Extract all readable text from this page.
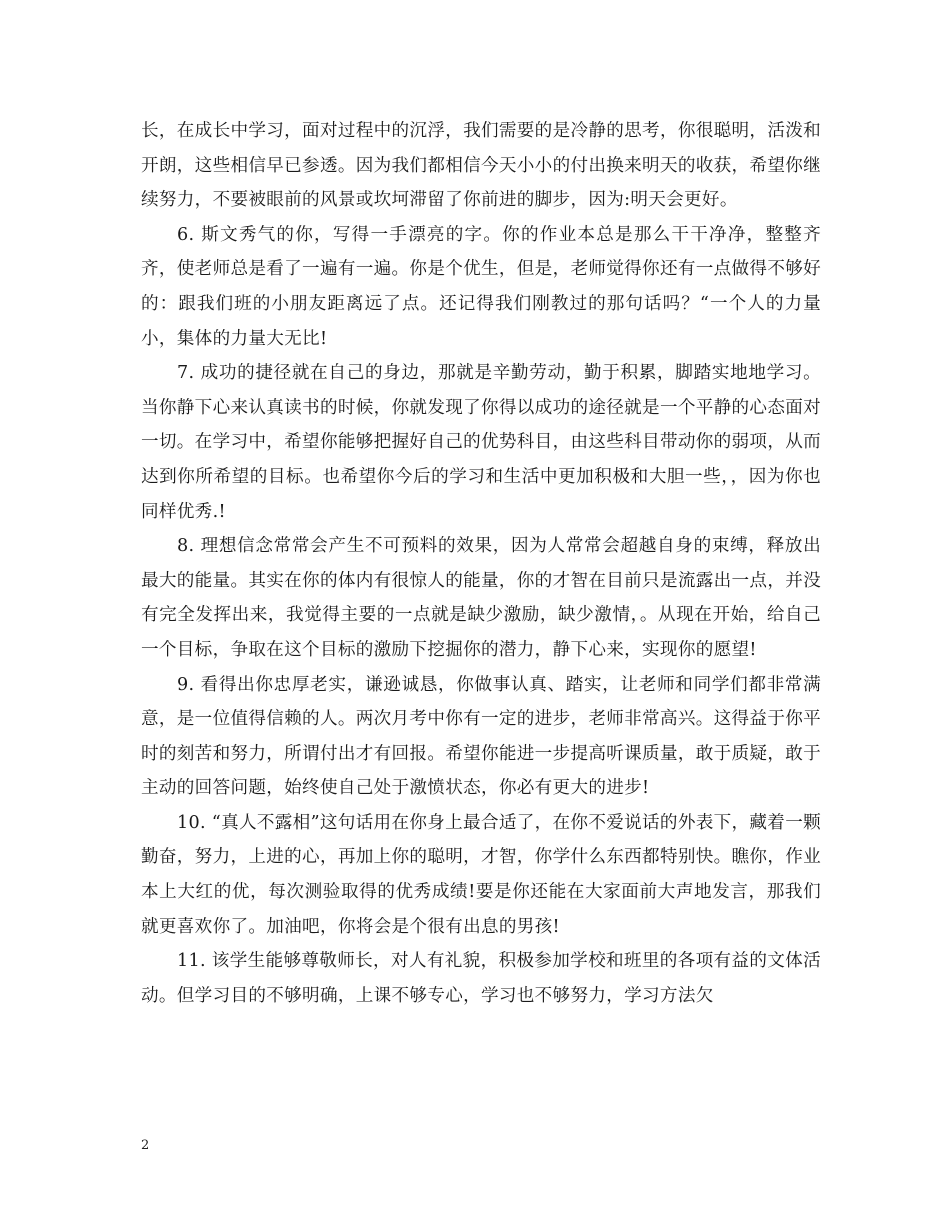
长，在成长中学习，面对过程中的沉浮，我们需要的是冷静的思考，你很聪明，活泼和开朗，这些相信早已参透。因为我们都相信今天小小的付出换来明天的收获，希望你继续努力，不要被眼前的风景或坎坷滞留了你前进的脚步，因为:明天会更好。

6. 斯文秀气的你，写得一手漂亮的字。你的作业本总是那么干干净净，整整齐齐，使老师总是看了一遍有一遍。你是个优生，但是，老师觉得你还有一点做得不够好的：跟我们班的小朋友距离远了点。还记得我们刚教过的那句话吗？“一个人的力量小，集体的力量大无比!

7. 成功的捷径就在自己的身边，那就是辛勤劳动，勤于积累，脚踏实地地学习。当你静下心来认真读书的时候，你就发现了你得以成功的途径就是一个平静的心态面对一切。在学习中，希望你能够把握好自己的优势科目，由这些科目带动你的弱项，从而达到你所希望的目标。也希望你今后的学习和生活中更加积极和大胆一些，，因为你也同样优秀.!

8. 理想信念常常会产生不可预料的效果，因为人常常会超越自身的束缚，释放出最大的能量。其实在你的体内有很惊人的能量，你的才智在目前只是流露出一点，并没有完全发挥出来，我觉得主要的一点就是缺少激励，缺少激情，。从现在开始，给自己一个目标，争取在这个目标的激励下挖掘你的潜力，静下心来，实现你的愿望!

9. 看得出你忠厚老实，谦逊诚恳，你做事认真、踏实，让老师和同学们都非常满意，是一位值得信赖的人。两次月考中你有一定的进步，老师非常高兴。这得益于你平时的刻苦和努力，所谓付出才有回报。希望你能进一步提高听课质量，敢于质疑，敢于主动的回答问题，始终使自己处于激愤状态，你必有更大的进步!

10. “真人不露相”这句话用在你身上最合适了，在你不爱说话的外表下，藏着一颗勤奋，努力，上进的心，再加上你的聪明，才智，你学什么东西都特别快。瞧你，作业本上大红的优，每次测验取得的优秀成绩!要是你还能在大家面前大声地发言，那我们就更喜欢你了。加油吧，你将会是个很有出息的男孩!

11. 该学生能够尊敬师长，对人有礼貌，积极参加学校和班里的各项有益的文体活动。但学习目的不够明确，上课不够专心，学习也不够努力，学习方法欠

2
